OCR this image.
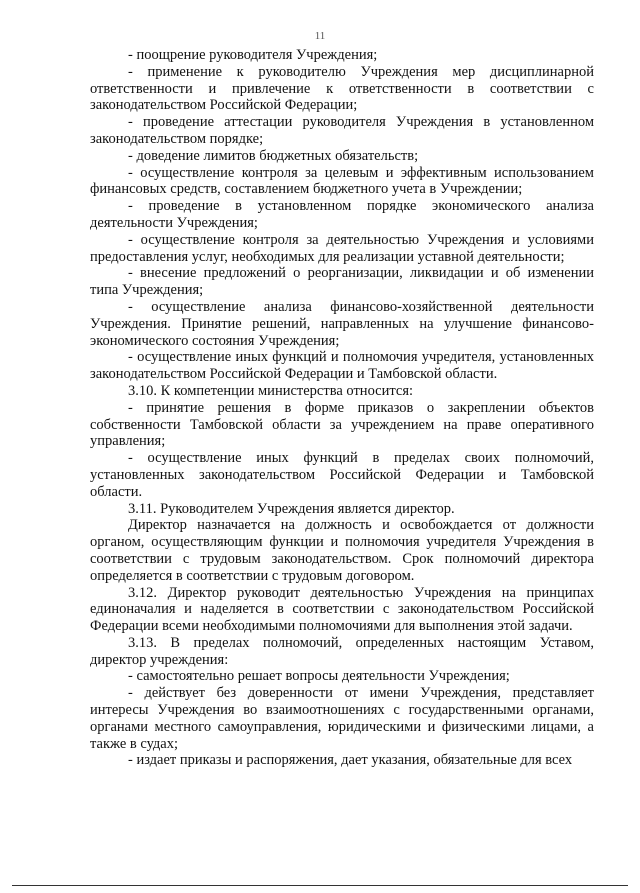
11

- поощрение руководителя Учреждения;

- применение к руководителю Учреждения мер дисциплинарной ответственности и привлечение к ответственности в соответствии с законодательством Российской Федерации;

- проведение аттестации руководителя Учреждения в установленном законодательством порядке;

- доведение лимитов бюджетных обязательств;

- осуществление контроля за целевым и эффективным использованием финансовых средств, составлением бюджетного учета в Учреждении;

- проведение в установленном порядке экономического анализа деятельности Учреждения;

- осуществление контроля за деятельностью Учреждения и условиями предоставления услуг, необходимых для реализации уставной деятельности;

- внесение предложений о реорганизации, ликвидации и об изменении типа Учреждения;

- осуществление анализа финансово-хозяйственной деятельности Учреждения. Принятие решений, направленных на улучшение финансово-экономического состояния Учреждения;

- осуществление иных функций и полномочия учредителя, установленных законодательством Российской Федерации и Тамбовской области.

3.10. К компетенции министерства относится:

- принятие решения в форме приказов о закреплении объектов собственности Тамбовской области за учреждением на праве оперативного управления;

- осуществление иных функций в пределах своих полномочий, установленных законодательством Российской Федерации и Тамбовской области.

3.11. Руководителем Учреждения является директор.

Директор назначается на должность и освобождается от должности органом, осуществляющим функции и полномочия учредителя Учреждения в соответствии с трудовым законодательством. Срок полномочий директора определяется в соответствии с трудовым договором.

3.12. Директор руководит деятельностью Учреждения на принципах единоначалия и наделяется в соответствии с законодательством Российской Федерации всеми необходимыми полномочиями для выполнения этой задачи.

3.13. В пределах полномочий, определенных настоящим Уставом, директор учреждения:

- самостоятельно решает вопросы деятельности Учреждения;

- действует без доверенности от имени Учреждения, представляет интересы Учреждения во взаимоотношениях с государственными органами, органами местного самоуправления, юридическими и физическими лицами, а также в судах;

- издает приказы и распоряжения, дает указания, обязательные для всех
